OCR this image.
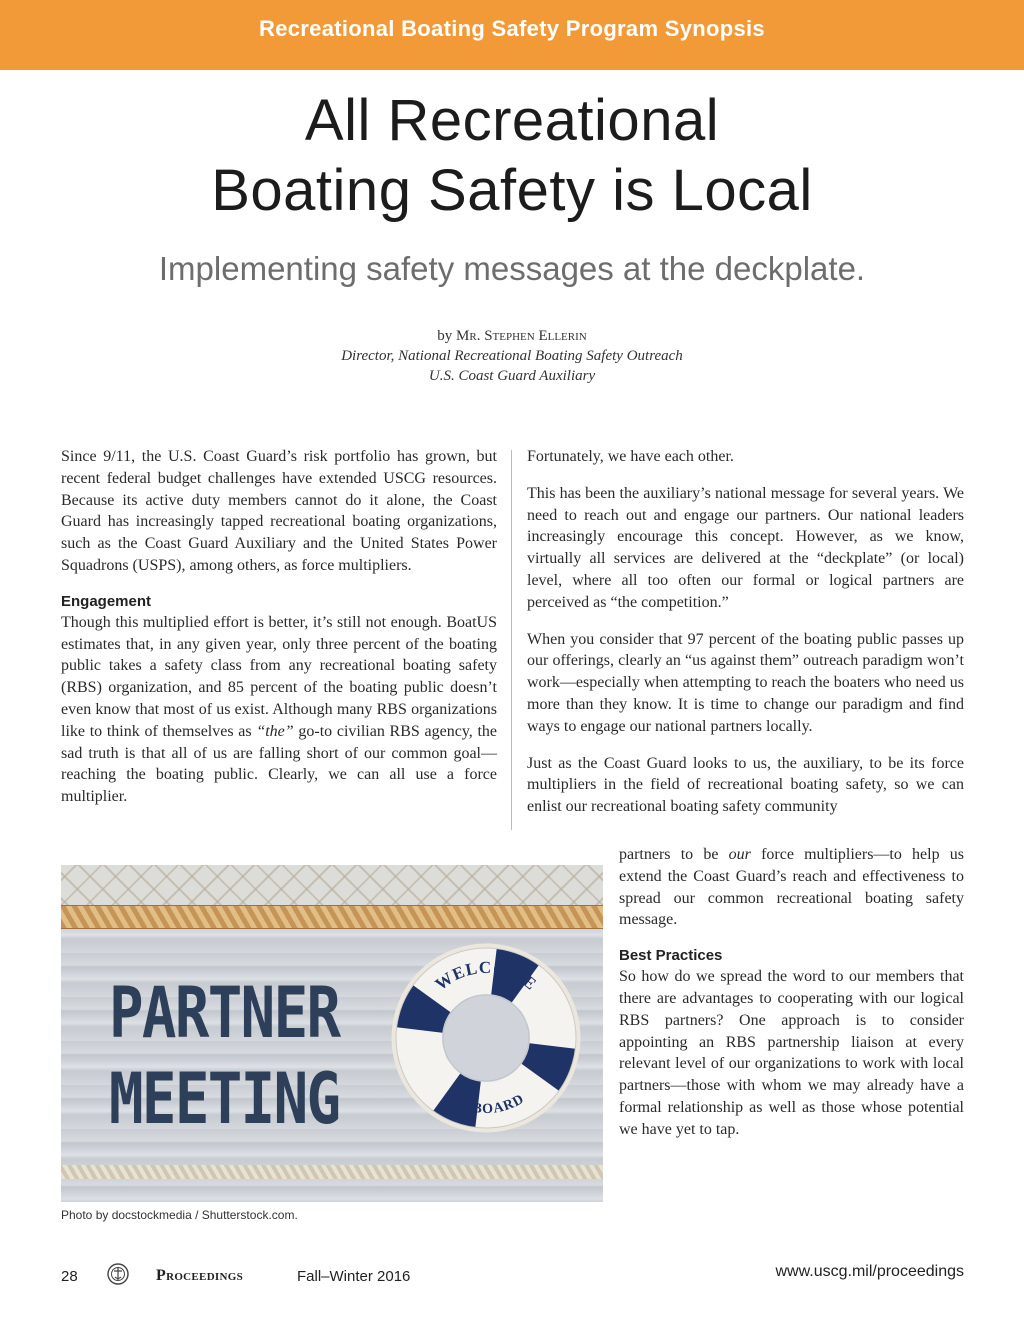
Recreational Boating Safety Program Synopsis
All Recreational
Boating Safety is Local
Implementing safety messages at the deckplate.
by Mr. Stephen Ellerin
Director, National Recreational Boating Safety Outreach
U.S. Coast Guard Auxiliary

Since 9/11, the U.S. Coast Guard’s risk portfolio has grown, but recent federal budget challenges have extended USCG resources. Because its active duty members cannot do it alone, the Coast Guard has increasingly tapped recreational boating organizations, such as the Coast Guard Auxiliary and the United States Power Squadrons (USPS), among others, as force multipliers.

Engagement

Though this multiplied effort is better, it’s still not enough. BoatUS estimates that, in any given year, only three percent of the boating public takes a safety class from any recreational boating safety (RBS) organization, and 85 percent of the boating public doesn’t even know that most of us exist. Although many RBS organizations like to think of themselves as “the” go-to civilian RBS agency, the sad truth is that all of us are falling short of our common goal—reaching the boating public. Clearly, we can all use a force multiplier.

Fortunately, we have each other.

This has been the auxiliary’s national message for several years. We need to reach out and engage our partners. Our national leaders increasingly encourage this concept. However, as we know, virtually all services are delivered at the “deckplate” (or local) level, where all too often our formal or logical partners are perceived as “the competition.”

When you consider that 97 percent of the boating public passes up our offerings, clearly an “us against them” outreach paradigm won’t work—especially when attempting to reach the boaters who need us more than they know. It is time to change our paradigm and find ways to engage our national partners locally.

Just as the Coast Guard looks to us, the auxiliary, to be its force multipliers in the field of recreational boating safety, so we can enlist our recreational boating safety community

partners to be our force multipliers—to help us extend the Coast Guard’s reach and effectiveness to spread our common recreational boating safety message.

Best Practices

So how do we spread the word to our members that there are advantages to cooperating with our logical RBS partners? One approach is to consider appointing an RBS partnership liaison at every relevant level of our organizations to work with local partners—those with whom we may already have a formal relationship as well as those whose potential we have yet to tap.

PARTNER
MEETING
WELCOME
ON BOARD
Photo by docstockmedia / Shutterstock.com.
28	Proceedings	Fall–Winter 2016	www.uscg.mil/proceedings
